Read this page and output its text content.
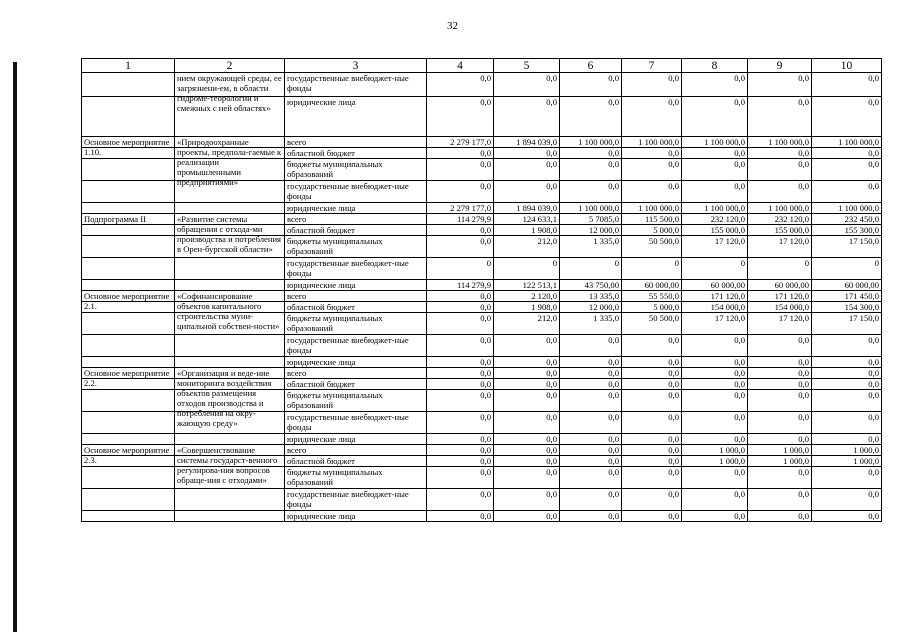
32
1	2	3	4	5	6	7	8	9	10

	нием окружающей среды, ее загрязнени-ем, в области гидроме-теорологии и смежных с ней областях»	государственные внебюджет-ные фонды	0,0	0,0	0,0	0,0	0,0	0,0	0,0
		юридические лица	0,0	0,0	0,0	0,0	0,0	0,0	0,0

Основное мероприятие 1.10.	«Природоохранные проекты, предпола-гаемые к реализации промышленными предприятиями»	всего	2 279 177,0	1 894 039,0	1 100 000,0	1 100 000,0	1 100 000,0	1 100 000,0	1 100 000,0
		областной бюджет	0,0	0,0	0,0	0,0	0,0	0,0	0,0
		бюджеты муниципальных образований	0,0	0,0	0,0	0,0	0,0	0,0	0,0
		государственные внебюджет-ные фонды	0,0	0,0	0,0	0,0	0,0	0,0	0,0
		юридические лица	2 279 177,0	1 894 039,0	1 100 000,0	1 100 000,0	1 100 000,0	1 100 000,0	1 100 000,0

Подпрограмма II	«Развитие системы обращения с отхода-ми производства и потребления в Орен-бургской области»	всего	114 279,9	124 633,1	5 7085,0	115 500,0	232 120,0	232 120,0	232 450,0
		областной бюджет	0,0	1 908,0	12 000,0	5 000,0	155 000,0	155 000,0	155 300,0
		бюджеты муниципальных образований	0,0	212,0	1 335,0	50 500,0	17 120,0	17 120,0	17 150,0
		государственные внебюджет-ные фонды	0	0	0	0	0	0	0
		юридические лица	114 279,9	122 513,1	43 750,00	60 000,00	60 000,00	60 000,00	60 000,00

Основное мероприятие 2.1.	«Софинансирование объектов капитального строительства муни-ципальной собствен-ности»	всего	0,0	2 120,0	13 335,0	55 550,0	171 120,0	171 120,0	171 450,0
		областной бюджет	0,0	1 908,0	12 000,0	5 000,0	154 000,0	154 000,0	154 300,0
		бюджеты муниципальных образований	0,0	212,0	1 335,0	50 500,0	17 120,0	17 120,0	17 150,0
		государственные внебюджет-ные фонды	0,0	0,0	0,0	0,0	0,0	0,0	0,0
		юридические лица	0,0	0,0	0,0	0,0	0,0	0,0	0,0

Основное мероприятие 2.2.	«Организация и веде-ние мониторинга воздействия объектов размещения отходов производства и потребления на окру-жающую среду»	всего	0,0	0,0	0,0	0,0	0,0	0,0	0,0
		областной бюджет	0,0	0,0	0,0	0,0	0,0	0,0	0,0
		бюджеты муниципальных образований	0,0	0,0	0,0	0,0	0,0	0,0	0,0
		государственные внебюджет-ные фонды	0,0	0,0	0,0	0,0	0,0	0,0	0,0
		юридические лица	0,0	0,0	0,0	0,0	0,0	0,0	0,0

Основное мероприятие 2.3.	«Совершенствование системы государст-венного регулирова-ния вопросов обраще-ния с отходами»	всего	0,0	0,0	0,0	0,0	1 000,0	1 000,0	1 000,0
		областной бюджет	0,0	0,0	0,0	0,0	1 000,0	1 000,0	1 000,0
		бюджеты муниципальных образований	0,0	0,0	0,0	0,0	0,0	0,0	0,0
		государственные внебюджет-ные фонды	0,0	0,0	0,0	0,0	0,0	0,0	0,0
		юридические лица	0,0	0,0	0,0	0,0	0,0	0,0	0,0
